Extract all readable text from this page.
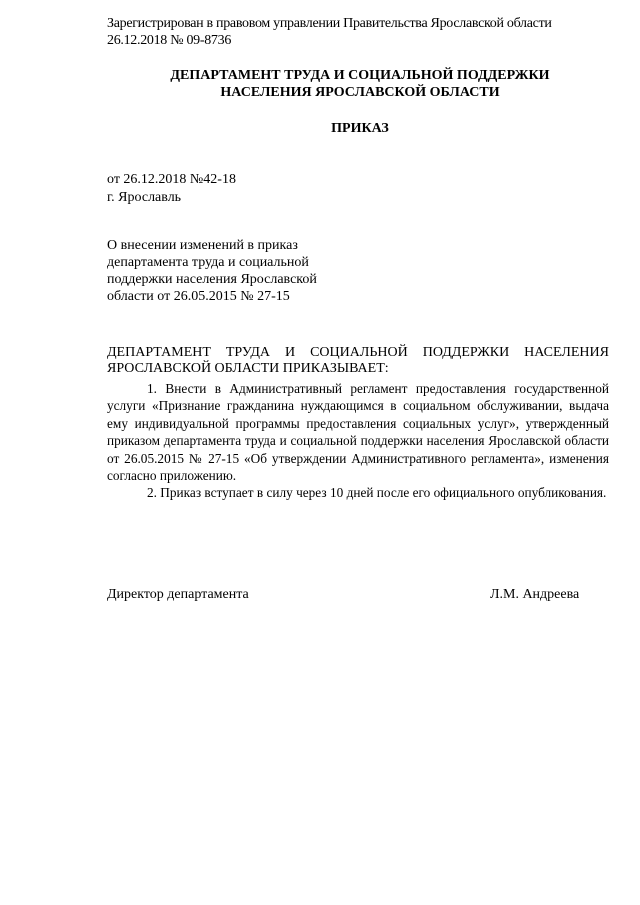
Зарегистрирован в правовом управлении Правительства Ярославской области
26.12.2018 № 09-8736
ДЕПАРТАМЕНТ ТРУДА И СОЦИАЛЬНОЙ ПОДДЕРЖКИ
НАСЕЛЕНИЯ ЯРОСЛАВСКОЙ ОБЛАСТИ
ПРИКАЗ
от 26.12.2018 №42-18
г. Ярославль
О внесении изменений в приказ
департамента труда и социальной
поддержки населения Ярославской
области от 26.05.2015 № 27-15
ДЕПАРТАМЕНТ ТРУДА И СОЦИАЛЬНОЙ ПОДДЕРЖКИ НАСЕЛЕНИЯ ЯРОСЛАВСКОЙ ОБЛАСТИ ПРИКАЗЫВАЕТ:

1. Внести в Административный регламент предоставления государственной услуги «Признание гражданина нуждающимся в социальном обслуживании, выдача ему индивидуальной программы предоставления социальных услуг», утвержденный приказом департамента труда и социальной поддержки населения Ярославской области от 26.05.2015 № 27-15 «Об утверждении Административного регламента», изменения согласно приложению.

2. Приказ вступает в силу через 10 дней после его официального опубликования.

Директор департамента	Л.М. Андреева
